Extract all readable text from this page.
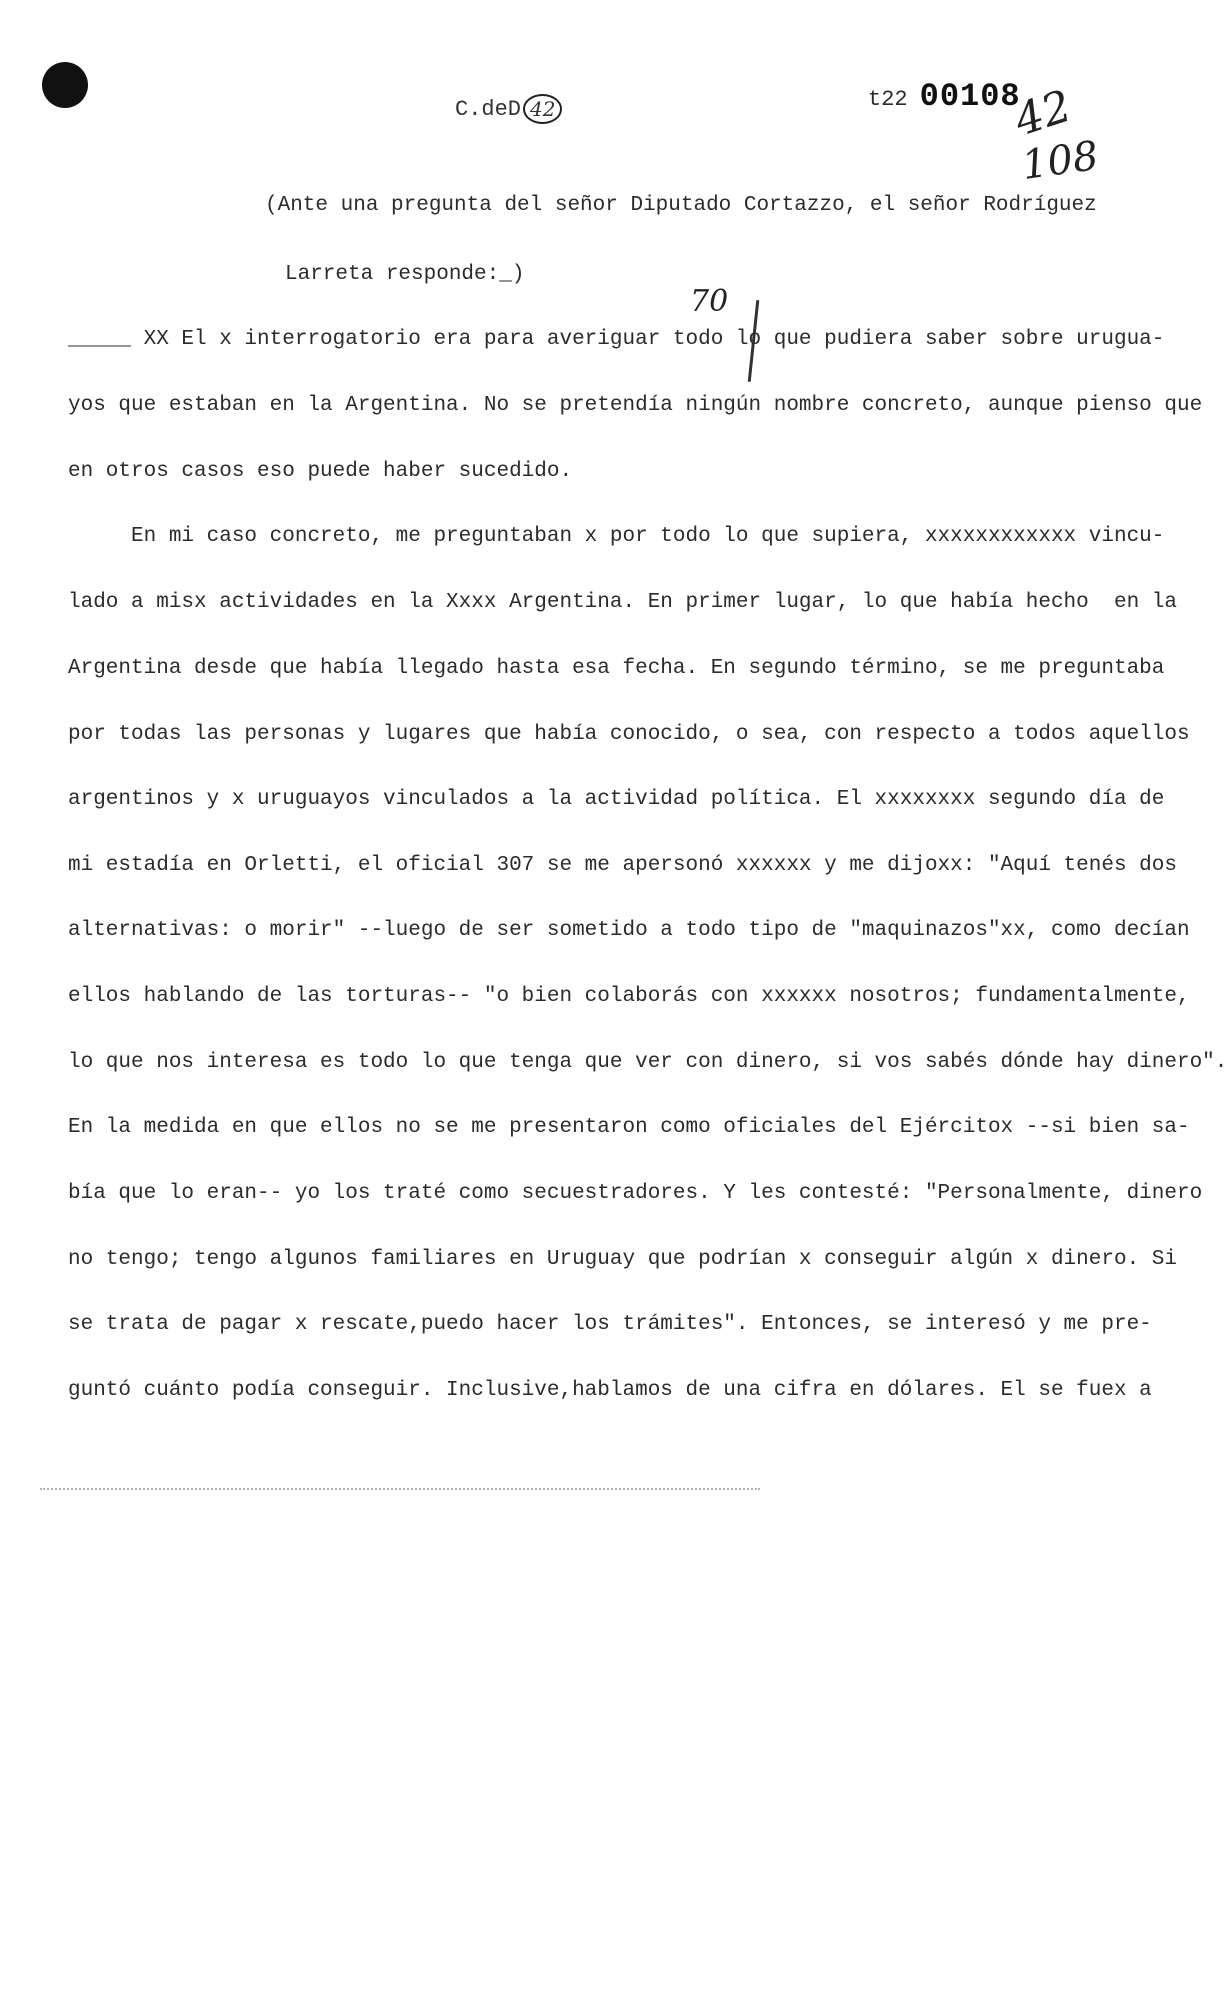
C.deD 42	t22 00108
42
108
70
(Ante una pregunta del señor Diputado Cortazzo, el señor Rodríguez
Larreta responde:_)
_____ XX El x interrogatorio era para averiguar todo lo que pudiera saber sobre urugua-
yos que estaban en la Argentina. No se pretendía ningún nombre concreto, aunque pienso que
en otros casos eso puede haber sucedido.
En mi caso concreto, me preguntaban x por todo lo que supiera, xxxxxxxxxxxx vincu-
lado a misx actividades en la Xxxx Argentina. En primer lugar, lo que había hecho  en la
Argentina desde que había llegado hasta esa fecha. En segundo término, se me preguntaba
por todas las personas y lugares que había conocido, o sea, con respecto a todos aquellos
argentinos y x uruguayos vinculados a la actividad política. El xxxxxxxx segundo día de
mi estadía en Orletti, el oficial 307 se me apersonó xxxxxx y me dijoxx: "Aquí tenés dos
alternativas: o morir" --luego de ser sometido a todo tipo de "maquinazos"xx, como decían
ellos hablando de las torturas-- "o bien colaborás con xxxxxx nosotros; fundamentalmente,
lo que nos interesa es todo lo que tenga que ver con dinero, si vos sabés dónde hay dinero".
En la medida en que ellos no se me presentaron como oficiales del Ejércitox --si bien sa-
bía que lo eran-- yo los traté como secuestradores. Y les contesté: "Personalmente, dinero
no tengo; tengo algunos familiares en Uruguay que podrían x conseguir algún x dinero. Si
se trata de pagar x rescate,puedo hacer los trámites". Entonces, se interesó y me pre-
guntó cuánto podía conseguir. Inclusive,hablamos de una cifra en dólares. El se fuex a
